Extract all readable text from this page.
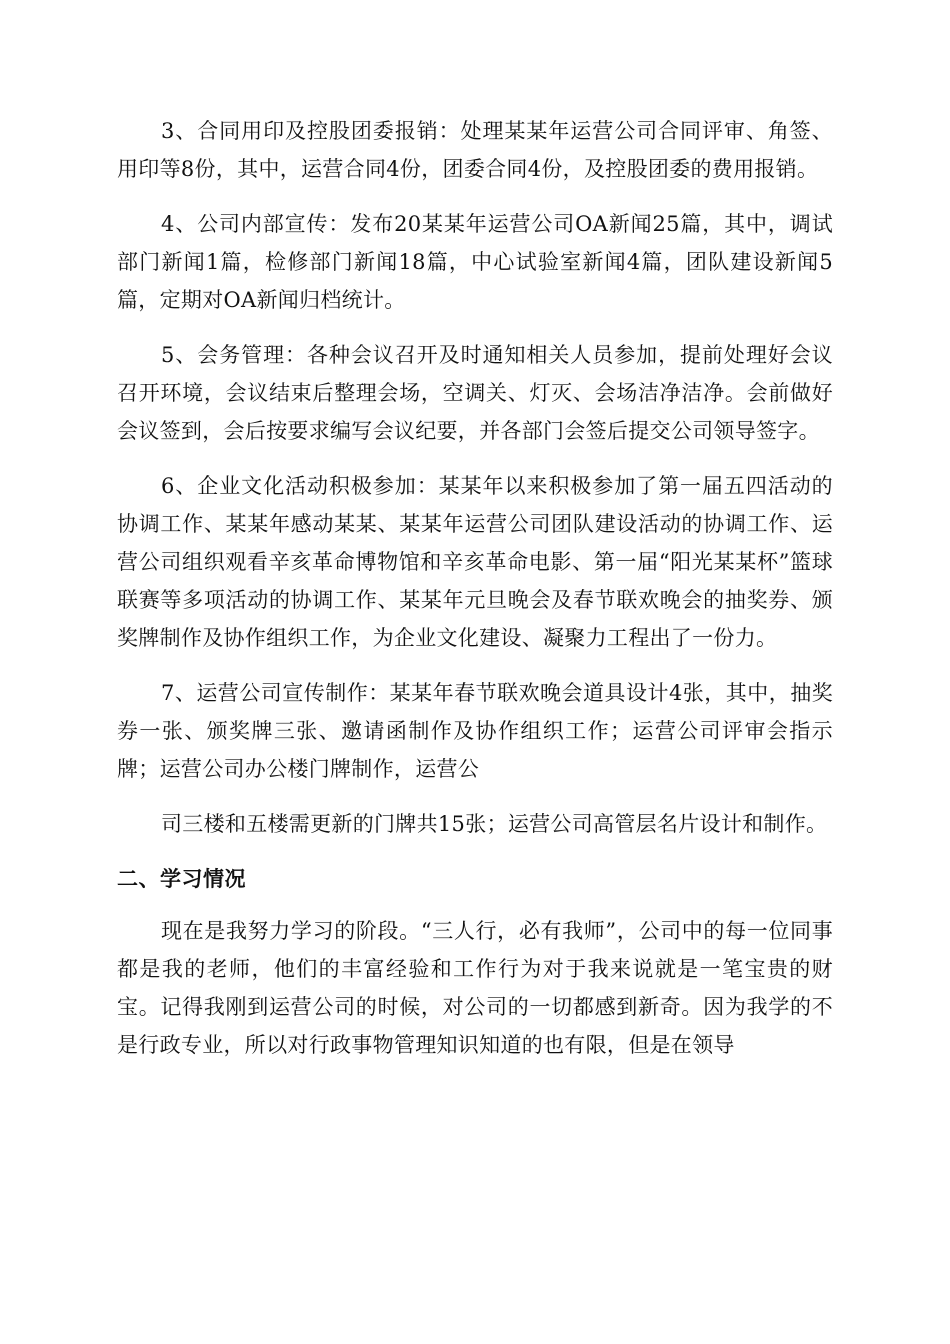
3、合同用印及控股团委报销：处理某某年运营公司合同评审、角签、用印等8份，其中，运营合同4份，团委合同4份，及控股团委的费用报销。

4、公司内部宣传：发布20某某年运营公司OA新闻25篇，其中，调试部门新闻1篇，检修部门新闻18篇，中心试验室新闻4篇，团队建设新闻5篇，定期对OA新闻归档统计。

5、会务管理：各种会议召开及时通知相关人员参加，提前处理好会议召开环境，会议结束后整理会场，空调关、灯灭、会场洁净洁净。会前做好会议签到，会后按要求编写会议纪要，并各部门会签后提交公司领导签字。

6、企业文化活动积极参加：某某年以来积极参加了第一届五四活动的协调工作、某某年感动某某、某某年运营公司团队建设活动的协调工作、运营公司组织观看辛亥革命博物馆和辛亥革命电影、第一届“阳光某某杯”篮球联赛等多项活动的协调工作、某某年元旦晚会及春节联欢晚会的抽奖券、颁奖牌制作及协作组织工作，为企业文化建设、凝聚力工程出了一份力。

7、运营公司宣传制作：某某年春节联欢晚会道具设计4张，其中，抽奖券一张、颁奖牌三张、邀请函制作及协作组织工作；运营公司评审会指示牌；运营公司办公楼门牌制作，运营公

司三楼和五楼需更新的门牌共15张；运营公司高管层名片设计和制作。

二、学习情况

现在是我努力学习的阶段。“三人行，必有我师”，公司中的每一位同事都是我的老师，他们的丰富经验和工作行为对于我来说就是一笔宝贵的财宝。记得我刚到运营公司的时候，对公司的一切都感到新奇。因为我学的不是行政专业，所以对行政事物管理知识知道的也有限，但是在领导
